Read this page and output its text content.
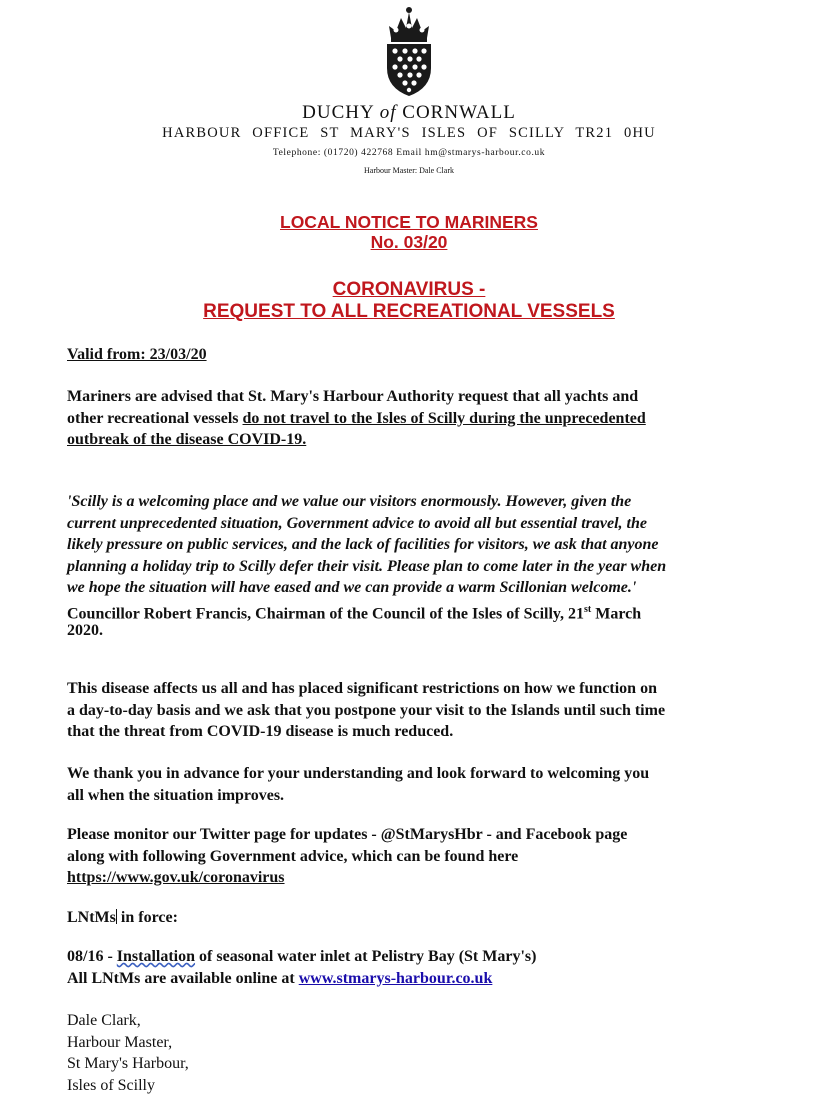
DUCHY of CORNWALL
HARBOUR OFFICE ST MARY'S ISLES OF SCILLY TR21 0HU
Telephone: (01720) 422768 Email hm@stmarys-harbour.co.uk
Harbour Master: Dale Clark
LOCAL NOTICE TO MARINERS
No. 03/20
CORONAVIRUS -
REQUEST TO ALL RECREATIONAL VESSELS
Valid from: 23/03/20
Mariners are advised that St. Mary's Harbour Authority request that all yachts and
other recreational vessels do not travel to the Isles of Scilly during the unprecedented
outbreak of the disease COVID-19.
'Scilly is a welcoming place and we value our visitors enormously. However, given the
current unprecedented situation, Government advice to avoid all but essential travel, the
likely pressure on public services, and the lack of facilities for visitors, we ask that anyone
planning a holiday trip to Scilly defer their visit. Please plan to come later in the year when
we hope the situation will have eased and we can provide a warm Scillonian welcome.'
Councillor Robert Francis, Chairman of the Council of the Isles of Scilly, 21st March
2020.
This disease affects us all and has placed significant restrictions on how we function on
a day-to-day basis and we ask that you postpone your visit to the Islands until such time
that the threat from COVID-19 disease is much reduced.
We thank you in advance for your understanding and look forward to welcoming you
all when the situation improves.
Please monitor our Twitter page for updates - @StMarysHbr - and Facebook page
along with following Government advice, which can be found here
https://www.gov.uk/coronavirus
LNtMs in force:
08/16 - Installation of seasonal water inlet at Pelistry Bay (St Mary's)
All LNtMs are available online at www.stmarys-harbour.co.uk
Dale Clark,
Harbour Master,
St Mary's Harbour,
Isles of Scilly
